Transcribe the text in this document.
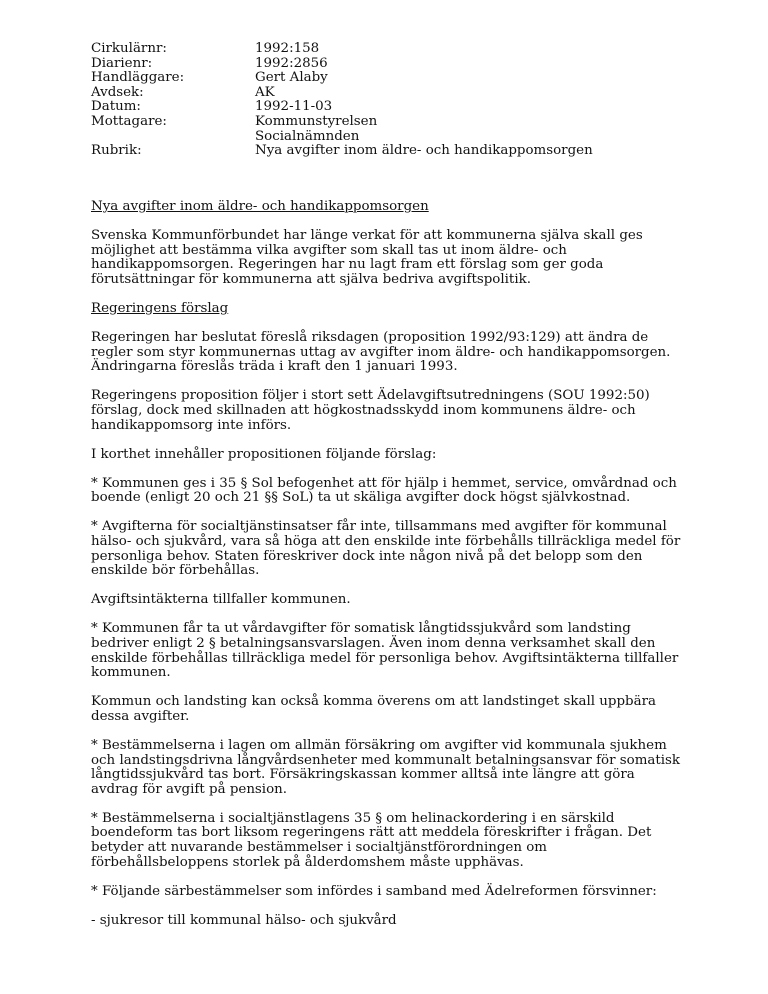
Cirkulärnr:	1992:158
Diarienr:	1992:2856
Handläggare:	Gert Alaby
Avdsek:	AK
Datum:	1992-11-03
Mottagare:	Kommunstyrelsen
Socialnämnden
Rubrik:	Nya avgifter inom äldre- och handikappomsorgen

Nya avgifter inom äldre- och handikappomsorgen

Svenska Kommunförbundet har länge verkat för att kommunerna själva skall ges möjlighet att bestämma vilka avgifter som skall tas ut inom äldre- och handikappomsorgen. Regeringen har nu lagt fram ett förslag som ger goda förutsättningar för kommunerna att själva bedriva avgiftspolitik.

Regeringens förslag

Regeringen har beslutat föreslå riksdagen (proposition 1992/93:129) att ändra de regler som styr kommunernas uttag av avgifter inom äldre- och handikappomsorgen. Ändringarna föreslås träda i kraft den 1 januari 1993.

Regeringens proposition följer i stort sett Ädelavgiftsutredningens (SOU 1992:50) förslag, dock med skillnaden att högkostnadsskydd inom kommunens äldre- och handikappomsorg inte införs.

I korthet innehåller propositionen följande förslag:

* Kommunen ges i 35 § Sol befogenhet att för hjälp i hemmet, service, omvårdnad och boende (enligt 20 och 21 §§ SoL) ta ut skäliga avgifter dock högst självkostnad.

* Avgifterna för socialtjänstinsatser får inte, tillsammans med avgifter för kommunal hälso- och sjukvård, vara så höga att den enskilde inte förbehålls tillräckliga medel för personliga behov. Staten föreskriver dock inte någon nivå på det belopp som den enskilde bör förbehållas.

Avgiftsintäkterna tillfaller kommunen.

* Kommunen får ta ut vårdavgifter för somatisk långtidssjukvård som landsting bedriver enligt 2 § betalningsansvarslagen. Även inom denna verksamhet skall den enskilde förbehållas tillräckliga medel för personliga behov. Avgiftsintäkterna tillfaller kommunen.

Kommun och landsting kan också komma överens om att landstinget skall uppbära dessa avgifter.

* Bestämmelserna i lagen om allmän försäkring om avgifter vid kommunala sjukhem och landstingsdrivna långvårdsenheter med kommunalt betalningsansvar för somatisk långtidssjukvård tas bort. Försäkringskassan kommer alltså inte längre att göra avdrag för avgift på pension.

* Bestämmelserna i socialtjänstlagens 35 § om helinackordering i en särskild boendeform tas bort liksom regeringens rätt att meddela föreskrifter i frågan. Det betyder att nuvarande bestämmelser i socialtjänstförordningen om förbehållsbeloppens storlek på ålderdomshem måste upphävas.

* Följande särbestämmelser som infördes i samband med Ädelreformen försvinner:

- sjukresor till kommunal hälso- och sjukvård
